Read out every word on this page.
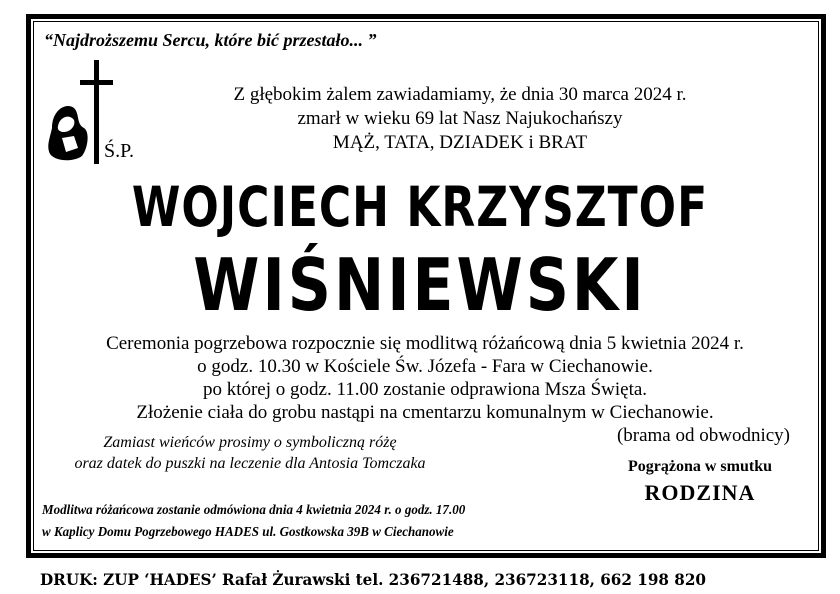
“Najdroższemu Sercu, które bić przestało... ”
Ś.P.
Z głębokim żalem zawiadamiamy, że dnia 30 marca 2024 r.
zmarł w wieku 69 lat Nasz Najukochańszy
MĄŻ, TATA, DZIADEK i BRAT
WOJCIECH KRZYSZTOF
WIŚNIEWSKI
Ceremonia pogrzebowa rozpocznie się modlitwą różańcową dnia 5 kwietnia 2024 r.
o godz. 10.30 w Kościele Św. Józefa - Fara w Ciechanowie.
po której o godz. 11.00 zostanie odprawiona Msza Święta.
Złożenie ciała do grobu nastąpi na cmentarzu komunalnym w Ciechanowie.
(brama od obwodnicy)
Zamiast wieńców prosimy o symboliczną różę
oraz datek do puszki na leczenie dla Antosia Tomczaka	Pogrążona w smutku
RODZINA
Modlitwa różańcowa zostanie odmówiona dnia 4 kwietnia 2024 r. o godz. 17.00
w Kaplicy Domu Pogrzebowego HADES ul. Gostkowska 39B w Ciechanowie
DRUK: ZUP ‘HADES’ Rafał Żurawski tel. 236721488, 236723118, 662 198 820
